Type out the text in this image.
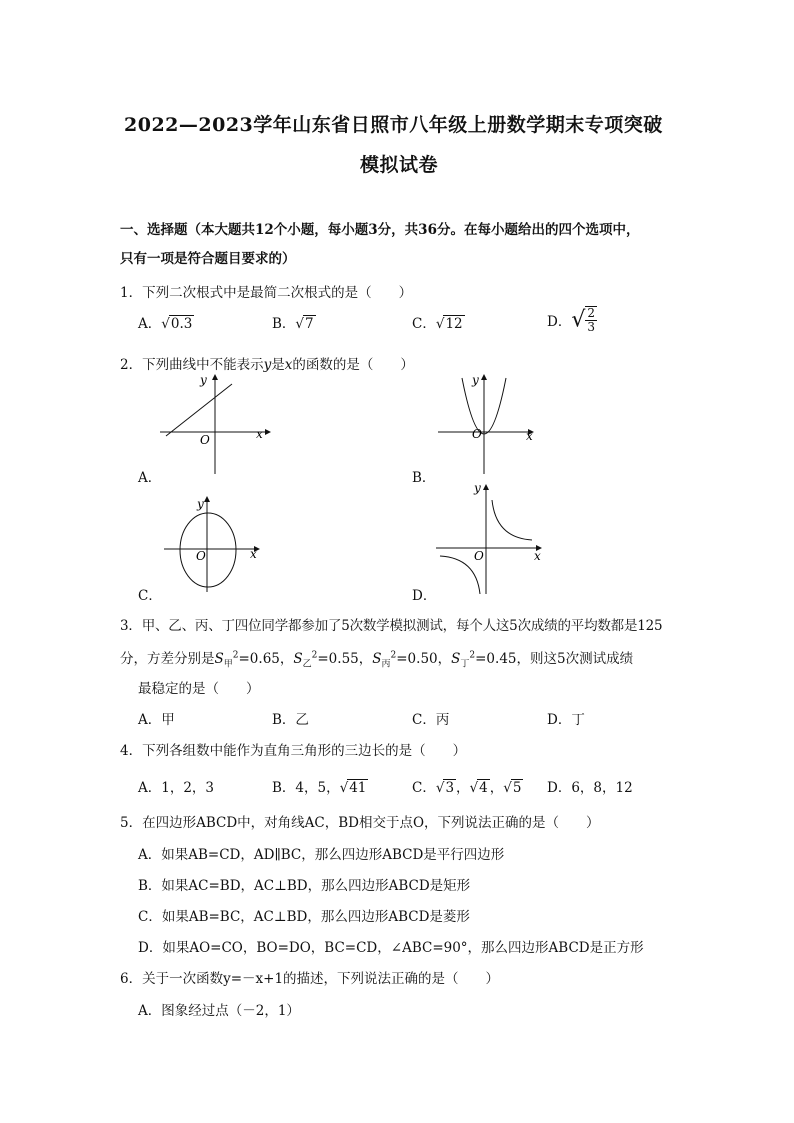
2022—2023学年山东省日照市八年级上册数学期末专项突破
模拟试卷
一、选择题（本大题共12个小题，每小题3分，共36分。在每小题给出的四个选项中，
只有一项是符合题目要求的）
1．下列二次根式中是最简二次根式的是（　　）
A．√0.3	B．√7	C．√12	D．√ $\frac{2}{3}$
2．下列曲线中不能表示y是x的函数的是（　　）
x
y
O
A．
x
y
O
B．
x
y
O
C．
x
y
O
D．
3．甲、乙、丙、丁四位同学都参加了5次数学模拟测试，每个人这5次成绩的平均数都是125
分，方差分别是$S_甲^2=0.65$，$S_乙^2=0.55$，$S_丙^2=0.50$，$S_丁^2=0.45$，则这5次测试成绩
最稳定的是（　　）
A．甲	B．乙	C．丙	D．丁
4．下列各组数中能作为直角三角形的三边长的是（　　）
A．1，2，3	B．4，5，√41	C．√3 ，√4 ，√5 D．6，8，12
5．在四边形ABCD中，对角线AC，BD相交于点O，下列说法正确的是（　　）
A．如果AB=CD，AD∥BC，那么四边形ABCD是平行四边形
B．如果AC=BD，AC⊥BD，那么四边形ABCD是矩形
C．如果AB=BC，AC⊥BD，那么四边形ABCD是菱形
D．如果AO=CO，BO=DO，BC=CD，∠ABC=90°，那么四边形ABCD是正方形
6．关于一次函数y=－x+1的描述，下列说法正确的是（　　）
A．图象经过点（－2，1）
